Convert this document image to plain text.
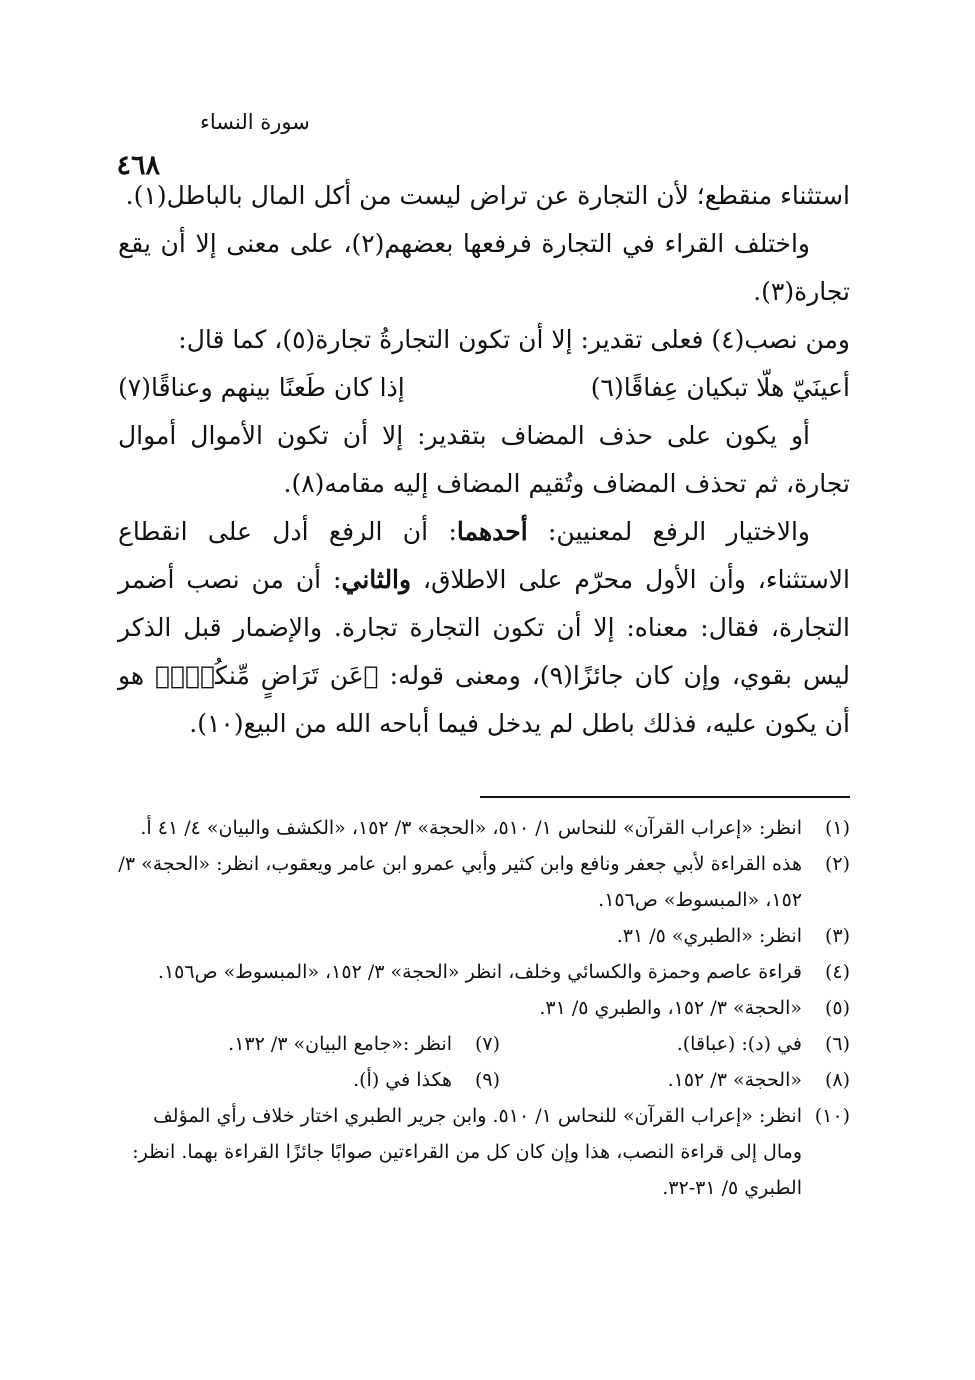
٤٦٨
سورة النساء

استثناء منقطع؛ لأن التجارة عن تراض ليست من أكل المال بالباطل(١).

واختلف القراء في التجارة فرفعها بعضهم(٢)، على معنى إلا أن يقع تجارة(٣).

ومن نصب(٤) فعلى تقدير: إلا أن تكون التجارةُ تجارة(٥)، كما قال:

أعينَيّ هلّا تبكيان عِفاقًا(٦)
إذا كان طَعنًا بينهم وعناقًا(٧)

أو يكون على حذف المضاف بتقدير: إلا أن تكون الأموال أموال تجارة، ثم تحذف المضاف وتُقيم المضاف إليه مقامه(٨).

والاختيار الرفع لمعنيين: أحدهما: أن الرفع أدل على انقطاع الاستثناء، وأن الأول محرّم على الاطلاق، والثاني: أن من نصب أضمر التجارة، فقال: معناه: إلا أن تكون التجارة تجارة. والإضمار قبل الذكر ليس بقوي، وإن كان جائزًا(٩)، ومعنى قوله: ﴿عَن تَرَاضٍ مِّنكُمْۚ﴾ هو أن يكون عليه، فذلك باطل لم يدخل فيما أباحه الله من البيع(١٠).

(١)
انظر: «إعراب القرآن» للنحاس ١/ ٥١٠، «الحجة» ٣/ ١٥٢، «الكشف والبيان» ٤/ ٤١ أ.
(٢)
هذه القراءة لأبي جعفر ونافع وابن كثير وأبي عمرو ابن عامر ويعقوب، انظر: «الحجة» ٣/ ١٥٢، «المبسوط» ص١٥٦.
(٣)
انظر: «الطبري» ٥/ ٣١.
(٤)
قراءة عاصم وحمزة والكسائي وخلف، انظر «الحجة» ٣/ ١٥٢، «المبسوط» ص١٥٦.
(٥)
«الحجة» ٣/ ١٥٢، والطبري ٥/ ٣١.
(٦)
في (د): (عباقا).
(٧)
انظر :«جامع البيان» ٣/ ١٣٢.
(٨)
«الحجة» ٣/ ١٥٢.
(٩)
هكذا في (أ).
(١٠)
انظر: «إعراب القرآن» للنحاس ١/ ٥١٠. وابن جرير الطبري اختار خلاف رأي المؤلف ومال إلى قراءة النصب، هذا وإن كان كل من القراءتين صوابًا جائزًا القراءة بهما. انظر: الطبري ٥/ ٣١-٣٢.
